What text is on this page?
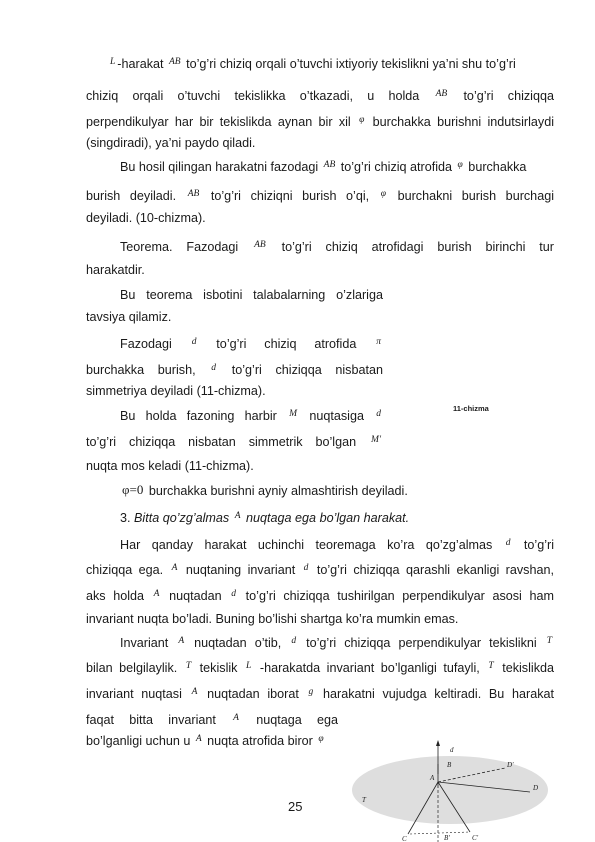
$^L$ -harakat $^{AB}$ to’g’ri chiziq orqali o’tuvchi ixtiyoriy tekislikni ya’ni shu to’g’ri
chiziq orqali o’tuvchi tekislikka o’tkazadi, u holda $^{AB}$ to’g’ri chiziqqa
perpendikulyar har bir tekislikda aynan bir xil $^\varphi$ burchakka burishni indutsirlaydi
(singdiradi), ya’ni paydo qiladi.
Bu hosil qilingan harakatni fazodagi $^{AB}$ to’g’ri chiziq atrofida $^\varphi$ burchakka
burish deyiladi. $^{AB}$ to’g’ri chiziqni burish o’qi, $^\varphi$ burchakni burish burchagi
deyiladi. (10-chizma).
Teorema. Fazodagi $^{AB}$ to’g’ri chiziq atrofidagi burish birinchi tur
harakatdir.
Bu teorema isbotini talabalarning o’zlariga
tavsiya qilamiz.
Fazodagi $^d$ to’g’ri chiziq atrofida $^\pi$
burchakka burish, $^d$ to’g’ri chiziqqa nisbatan
simmetriya deyiladi (11-chizma).
Bu holda fazoning harbir $^M$ nuqtasiga $^d$
to’g’ri chiziqqa nisbatan simmetrik bo’lgan $^{M'}$
nuqta mos keladi (11-chizma).
11-chizma
φ=0 burchakka burishni ayniy almashtirish deyiladi.
3. Bitta qo’zg’almas $^A$ nuqtaga ega bo’lgan harakat.
Har qanday harakat uchinchi teoremaga ko’ra qo’zg’almas $^d$ to’g’ri
chiziqqa ega. $^A$ nuqtaning invariant $^d$ to’g’ri chiziqqa qarashli ekanligi ravshan,
aks holda $^A$ nuqtadan $^d$ to’g’ri chiziqqa tushirilgan perpendikulyar asosi ham
invariant nuqta bo’ladi. Buning bo’lishi shartga ko’ra mumkin emas.
Invariant $^A$ nuqtadan o’tib, $^d$ to’g’ri chiziqqa perpendikulyar tekislikni $^T$
bilan belgilaylik. $^T$ tekislik $^L$ -harakatda invariant bo’lganligi tufayli, $^T$ tekislikda
invariant nuqtasi $^A$ nuqtadan iborat $^g$ harakatni vujudga keltiradi. Bu harakat
faqat bitta invariant $^A$ nuqtaga ega
bo’lganligi uchun u $^A$ nuqta atrofida biror $^\varphi$
d
B	D'
A
D
T
C	B'	C'
25
